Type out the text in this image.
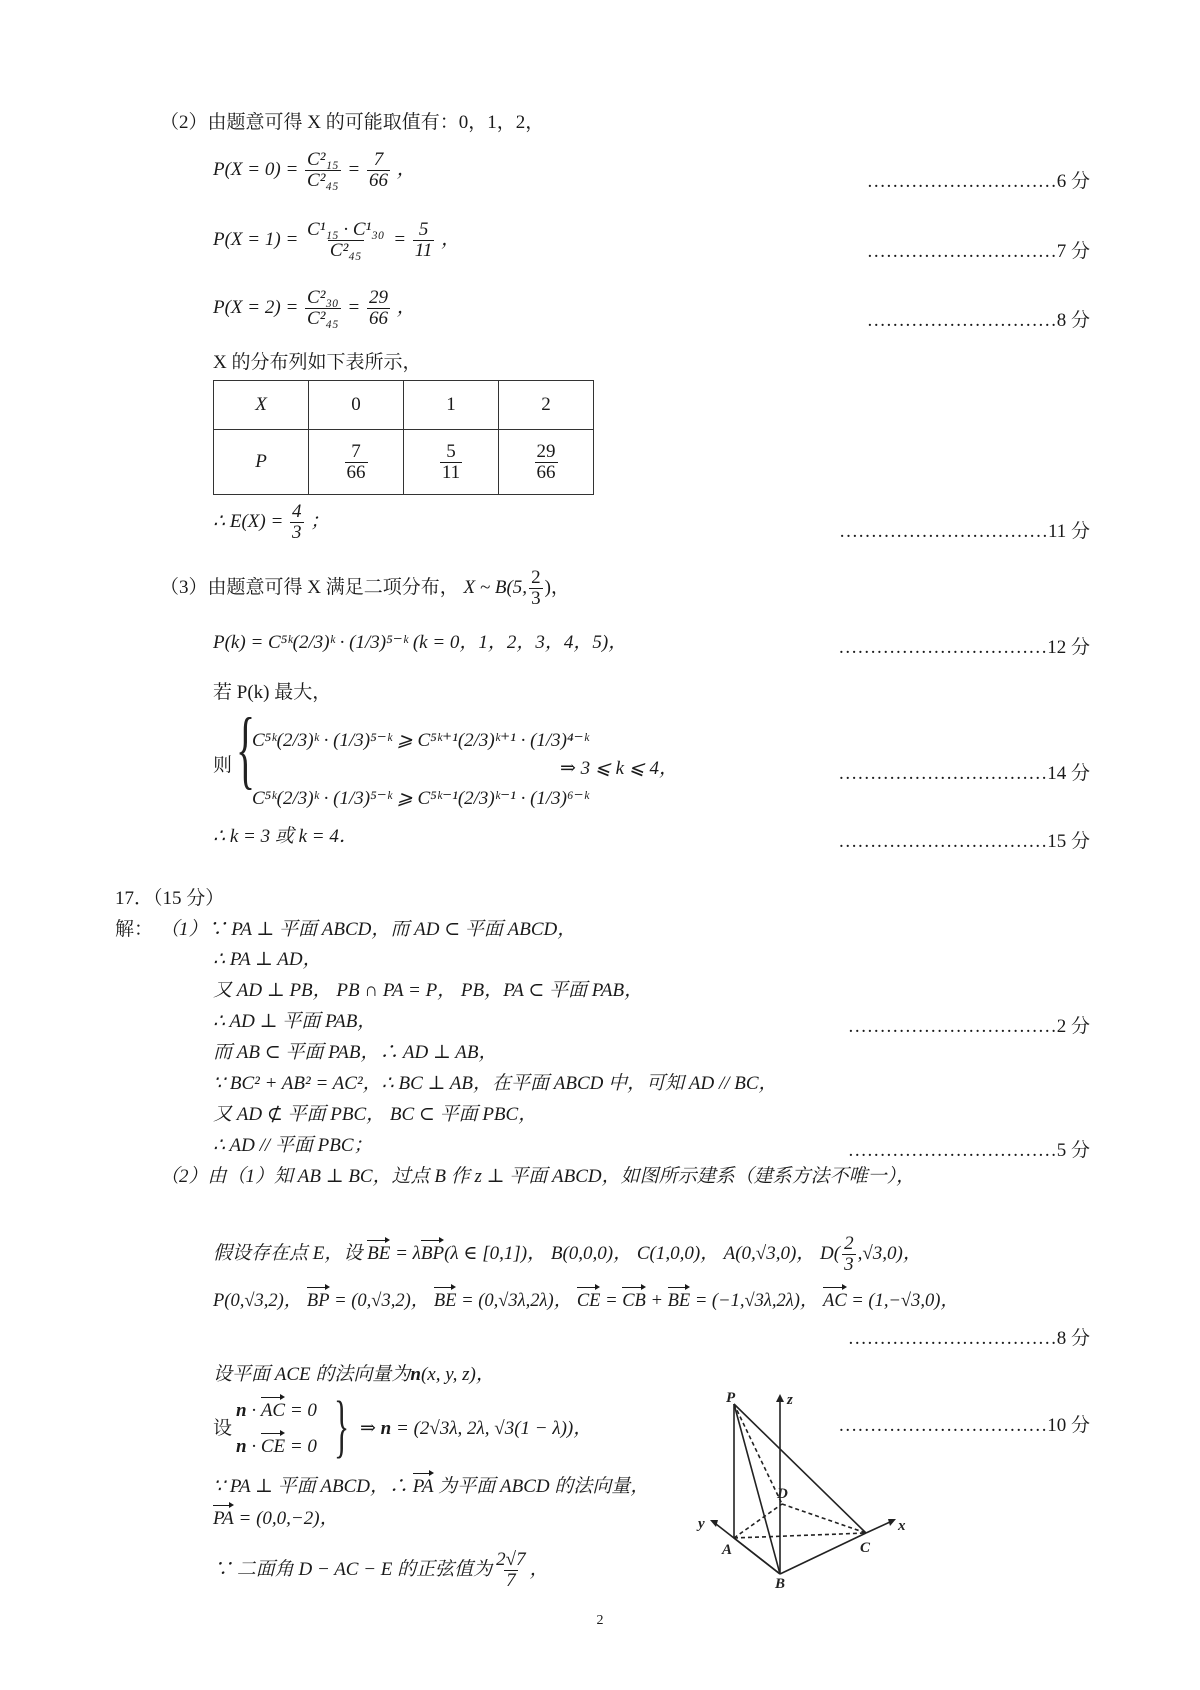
（2）由题意可得 X 的可能取值有：0，1，2，
$P(X = 0) = \frac{\text{C²₁₅}}{\text{C²₄₅}} = \frac{7}{66}$ ，
…………………………6 分
$P(X = 1) = \frac{\text{C¹₁₅ · C¹₃₀}}{\text{C²₄₅}} = \frac{5}{11}$ ，
…………………………7 分
$P(X = 2) = \frac{\text{C²₃₀}}{\text{C²₄₅}} = \frac{29}{66}$ ，
…………………………8 分
X 的分布列如下表所示，
X	0	1	2
P	$\frac{7}{66}$	$\frac{5}{11}$	$\frac{29}{66}$
∴ $E(X) = \frac{4}{3}$ ；	……………………………11 分
（3）由题意可得 X 满足二项分布， X ~ B(5, $\frac{2}{3}$ )，
P(k) = C⁵ᵏ(2/3)ᵏ · (1/3)⁵⁻ᵏ (k = 0，1，2，3，4，5)，	……………………………12 分
若 P(k) 最大，
则 {
C⁵ᵏ(2/3)ᵏ · (1/3)⁵⁻ᵏ ⩾ C⁵ᵏ⁺¹(2/3)ᵏ⁺¹ · (1/3)⁴⁻ᵏ
C⁵ᵏ(2/3)ᵏ · (1/3)⁵⁻ᵏ ⩾ C⁵ᵏ⁻¹(2/3)ᵏ⁻¹ · (1/3)⁶⁻ᵏ
⇒ 3 ⩽ k ⩽ 4，	……………………………14 分
∴ k = 3 或 k = 4．	……………………………15 分
17．（15 分）
解： （1）∵ PA ⊥ 平面 ABCD，而 AD ⊂ 平面 ABCD，
∴ PA ⊥ AD，
又 AD ⊥ PB， PB ∩ PA = P， PB，PA ⊂ 平面 PAB，
∴ AD ⊥ 平面 PAB，	……………………………2 分
而 AB ⊂ 平面 PAB，∴ AD ⊥ AB，
∵ BC² + AB² = AC²，∴ BC ⊥ AB，在平面 ABCD 中，可知 AD // BC，
又 AD ⊄ 平面 PBC， BC ⊂ 平面 PBC，
∴ AD // 平面 PBC；	……………………………5 分
（2）由（1）知 AB ⊥ BC，过点 B 作 z ⊥ 平面 ABCD，如图所示建系（建系方法不唯一），
假设存在点 E，设 BE = λBP(λ ∈ [0,1])， B(0,0,0)， C(1,0,0)， A(0,√3,0)， $D( \frac{2}{3} ,√3,0)$，
P(0,√3,2)， BP = (0,√3,2)， BE = (0,√3λ,2λ)， CE = CB + BE = (−1,√3λ,2λ)， AC = (1,−√3,0)，
……………………………8 分
设平面 ACE 的法向量为n(x, y, z)，
设
n · AC = 0
n · CE = 0 } ⇒ n = (2√3λ, 2λ, √3(1 − λ))，	……………………………10 分
∵ PA ⊥ 平面 ABCD，∴ PA 为平面 ABCD 的法向量，
PA = (0,0,−2)，
∵ 二面角 D − AC − E 的正弦值为 $\frac{2√7}{7}$ ，
P	z
D
y
A	C
x
B
2
